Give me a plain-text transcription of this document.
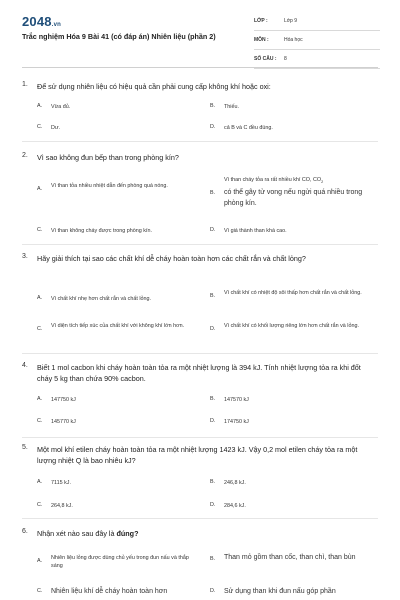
2048.vn
Trắc nghiệm Hóa 9 Bài 41 (có đáp án) Nhiên liệu (phần 2)
LỚP :	Lớp 9
MÔN :	Hóa học
SỐ CÂU : 8
1. Để sử dụng nhiên liệu có hiệu quả cần phải cung cấp không khí hoặc oxi:
A. Vừa đủ.	B. Thiếu.
C. Dư.	D. cả B và C đều đúng.
2. Vì sao không đun bếp than trong phòng kín?
A. Vì than tỏa nhiều nhiệt dẫn đến phòng quá nóng.
B.
Vì than cháy tỏa ra rất nhiều khí CO, $CO_2$
có thể gây tử vong nếu ngửi quá nhiều trong phòng kín.
C. Vì than không cháy được trong phòng kín.	D. Vì giá thành than khá cao.
3. Hãy giải thích tại sao các chất khí dễ cháy hoàn toàn hơn các chất rắn và chất lỏng?
A. Vì chất khí nhẹ hơn chất rắn và chất lỏng.	B. Vì chất khí có nhiệt độ sôi thấp hơn chất rắn và chất lỏng.
C. Vì diện tích tiếp xúc của chất khí với không khí lớn hơn.	D. Vì chất khí có khối lượng riêng lớn hơn chất rắn và lỏng.
4. Biết 1 mol cacbon khi cháy hoàn toàn tỏa ra một nhiệt lượng là 394 kJ. Tính nhiệt lượng tỏa ra khi đốt cháy 5 kg than chứa 90% cacbon.
A. 147750 kJ	B. 147570 kJ
C. 145770 kJ	D. 174750 kJ
5. Một mol khí etilen cháy hoàn toàn tỏa ra một nhiệt lượng 1423 kJ. Vậy 0,2 mol etilen cháy tỏa ra một lượng nhiệt Q là bao nhiêu kJ?
A. 7115 kJ.	B. 246,8 kJ.
C. 264,8 kJ.	D. 284,6 kJ.
6. Nhận xét nào sau đây là đúng?
A. Nhiên liệu lỏng được dùng chủ yếu trong đun nấu và thắp sáng
B. Than mỏ gồm than cốc, than chì, than bùn
C. Nhiên liệu khí dễ cháy hoàn toàn hơn	D. Sử dụng than khi đun nấu góp phần
